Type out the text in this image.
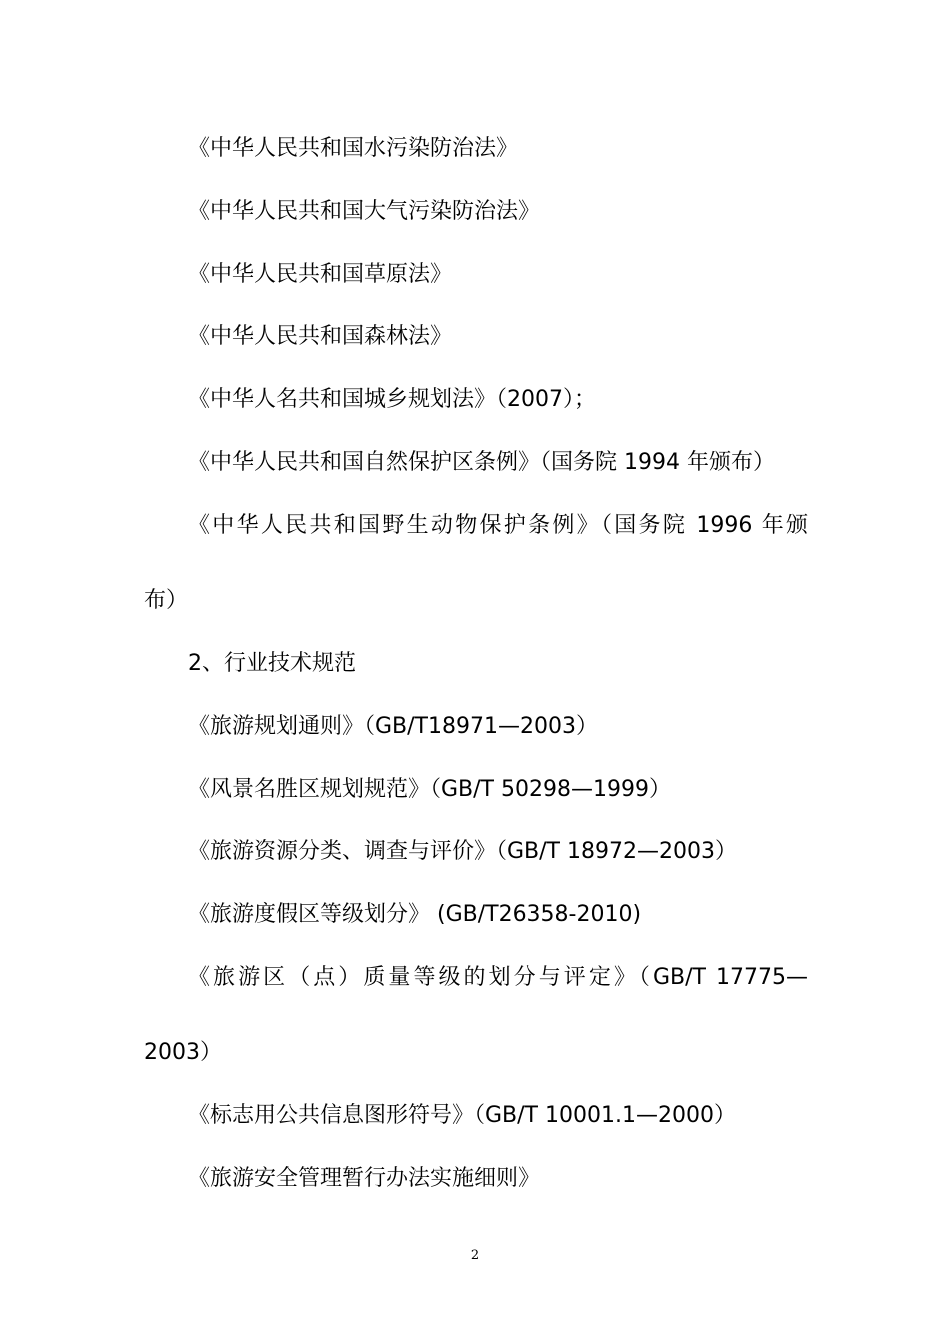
《中华人民共和国水污染防治法》
《中华人民共和国大气污染防治法》
《中华人民共和国草原法》
《中华人民共和国森林法》
《中华人名共和国城乡规划法》（2007）；
《中华人民共和国自然保护区条例》（国务院 1994 年颁布）
《中华人民共和国野生动物保护条例》（国务院 1996 年颁
布）
2、行业技术规范
《旅游规划通则》（GB/T18971—2003）
《风景名胜区规划规范》（GB/T 50298—1999）
《旅游资源分类、调查与评价》（GB/T 18972—2003）
《旅游度假区等级划分》 (GB/T26358-2010)
《旅游区（点）质量等级的划分与评定》（GB/T 17775—
2003）
《标志用公共信息图形符号》（GB/T 10001.1—2000）
《旅游安全管理暂行办法实施细则》
2
